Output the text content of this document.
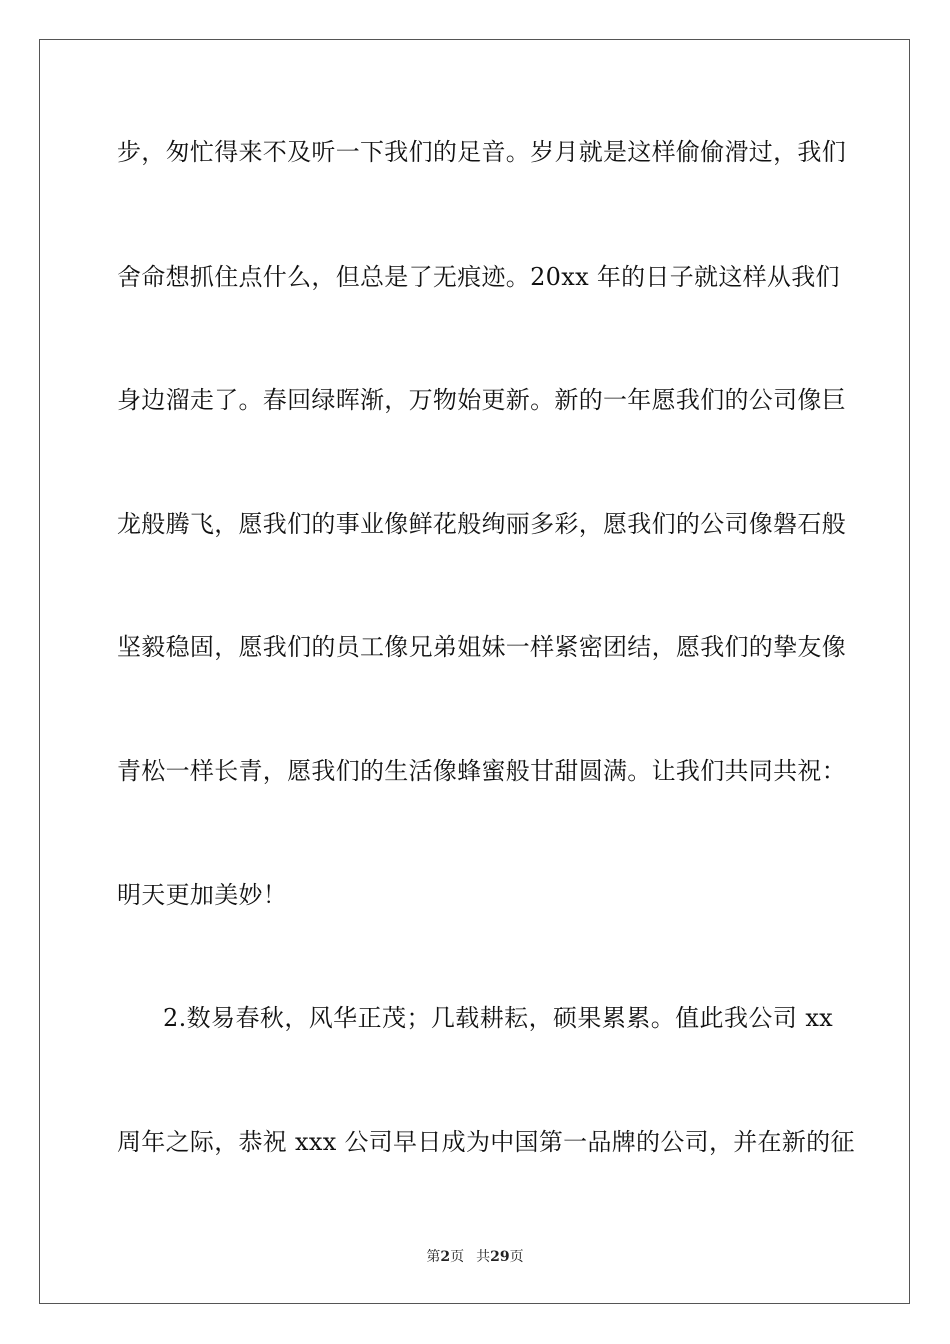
步，匆忙得来不及听一下我们的足音。岁月就是这样偷偷滑过，我们
舍命想抓住点什么，但总是了无痕迹。20xx 年的日子就这样从我们
身边溜走了。春回绿晖渐，万物始更新。新的一年愿我们的公司像巨
龙般腾飞，愿我们的事业像鲜花般绚丽多彩，愿我们的公司像磐石般
坚毅稳固，愿我们的员工像兄弟姐妹一样紧密团结，愿我们的挚友像
青松一样长青，愿我们的生活像蜂蜜般甘甜圆满。让我们共同共祝：
明天更加美妙！
2.数易春秋，风华正茂；几载耕耘，硕果累累。值此我公司 xx
周年之际，恭祝 xxx 公司早日成为中国第一品牌的公司，并在新的征
第2页 共29页
